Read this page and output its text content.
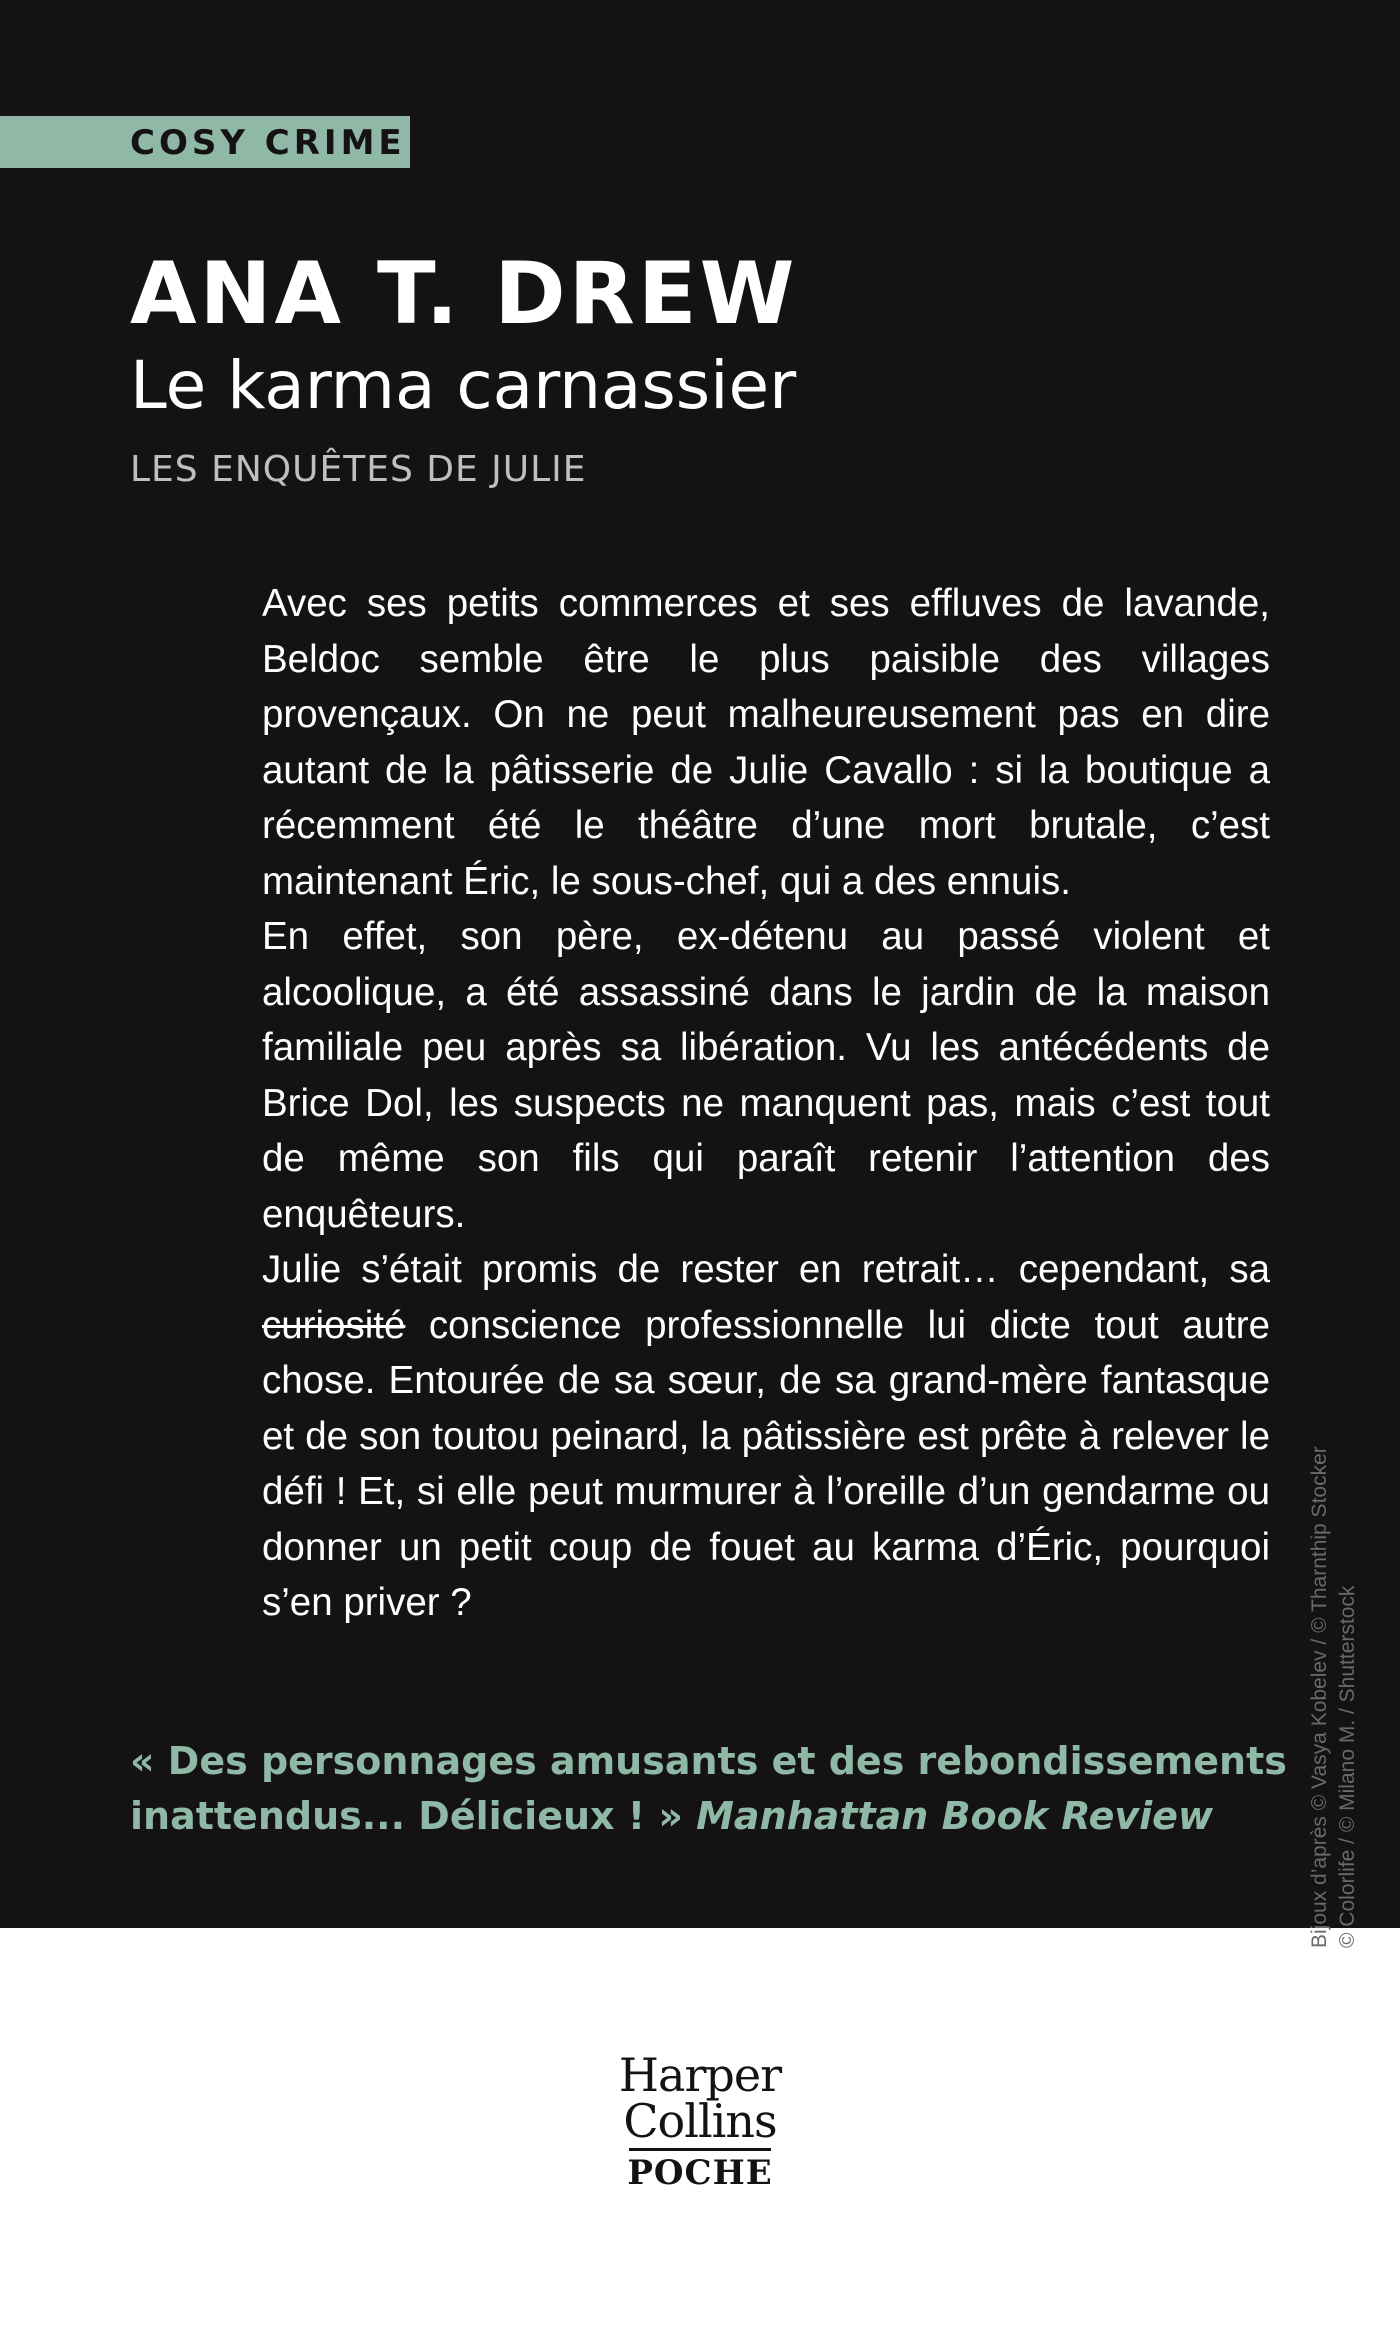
COSY CRIME
ANA T. DREW
Le karma carnassier
LES ENQUÊTES DE JULIE

Avec ses petits commerces et ses effluves de lavande, Beldoc semble être le plus paisible des villages provençaux. On ne peut malheureusement pas en dire autant de la pâtisserie de Julie Cavallo : si la boutique a récemment été le théâtre d’une mort brutale, c’est maintenant Éric, le sous-chef, qui a des ennuis.

En effet, son père, ex-détenu au passé violent et alcoolique, a été assassiné dans le jardin de la maison familiale peu après sa libération. Vu les antécédents de Brice Dol, les suspects ne manquent pas, mais c’est tout de même son fils qui paraît retenir l’attention des enquêteurs.

Julie s’était promis de rester en retrait… cependant, sa curiosité conscience professionnelle lui dicte tout autre chose. Entourée de sa sœur, de sa grand-mère fantasque et de son toutou peinard, la pâtissière est prête à relever le défi ! Et, si elle peut murmurer à l’oreille d’un gendarme ou donner un petit coup de fouet au karma d’Éric, pourquoi s’en priver ?

« Des personnages amusants et des rebondissements inattendus... Délicieux ! » Manhattan Book Review	Bijoux d’après © Vasya Kobelev / © Tharnthip Stocker © Colorlife / © Milano M. / Shutterstock
Harper
Collins
POCHE
